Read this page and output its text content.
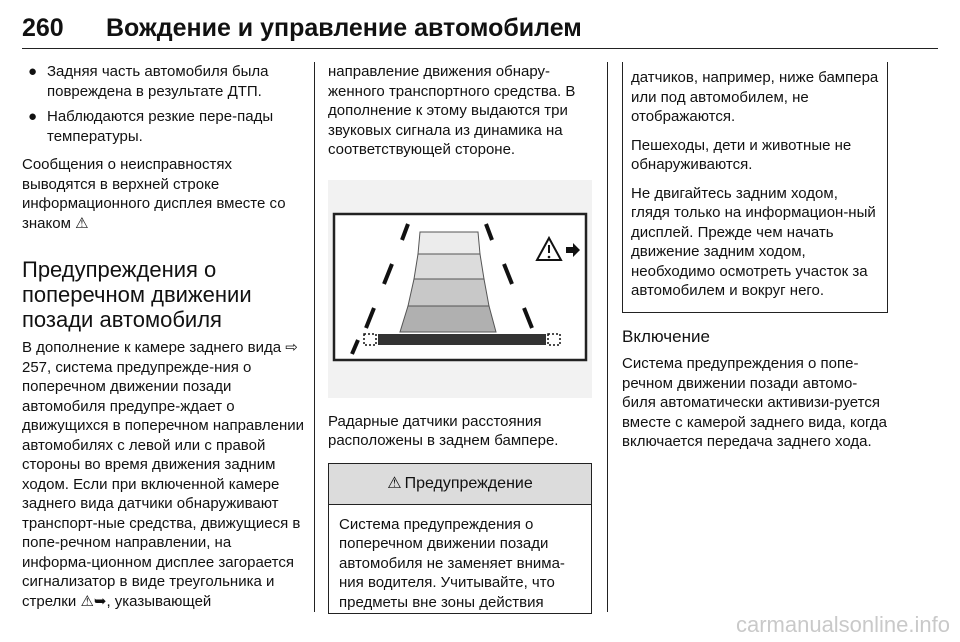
260 Вождение и управление автомобилем
● Задняя часть автомобиля была повреждена в результате ДТП.
● Наблюдаются резкие пере-пады температуры.

Сообщения о неисправностях выводятся в верхней строке информационного дисплея вместе со знаком ⚠

Предупреждения о поперечном движении позади автомобиля

В дополнение к камере заднего вида ⇨ 257, система предупрежде-ния о поперечном движении позади автомобиля предупре-ждает о движущихся в поперечном направлении автомобилях с левой или с правой стороны во время движения задним ходом. Если при включенной камере заднего вида датчики обнаруживают транспорт-ные средства, движущиеся в попе-речном направлении, на информа-ционном дисплее загорается сигнализатор в виде треугольника и стрелки ⚠➥, указывающей

направление движения обнару-женного транспортного средства. В дополнение к этому выдаются три звуковых сигнала из динамика на соответствующей стороне.

Радарные датчики расстояния расположены в заднем бампере.

⚠ Предупреждение

Система предупреждения о поперечном движении позади автомобиля не заменяет внима-ния водителя. Учитывайте, что предметы вне зоны действия

датчиков, например, ниже бампера или под автомобилем, не отображаются.

Пешеходы, дети и животные не обнаруживаются.

Не двигайтесь задним ходом, глядя только на информацион-ный дисплей. Прежде чем начать движение задним ходом, необходимо осмотреть участок за автомобилем и вокруг него.

Включение

Система предупреждения о попе-речном движении позади автомо-биля автоматически активизи-руется вместе с камерой заднего вида, когда включается передача заднего хода.

carmanualsonline.info
